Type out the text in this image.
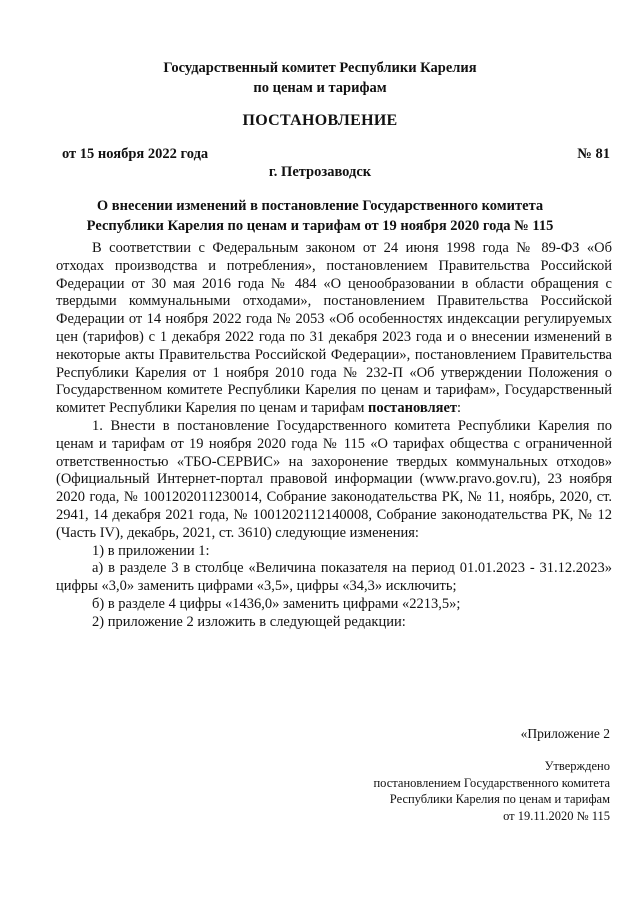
Государственный комитет Республики Карелия
по ценам и тарифам
ПОСТАНОВЛЕНИЕ
от 15 ноября 2022 года	№ 81
г. Петрозаводск
О внесении изменений в постановление Государственного комитета
Республики Карелия по ценам и тарифам от 19 ноября 2020 года № 115

В соответствии с Федеральным законом от 24 июня 1998 года № 89-ФЗ «Об отходах производства и потребления», постановлением Правительства Российской Федерации от 30 мая 2016 года № 484 «О ценообразовании в области обращения с твердыми коммунальными отходами», постановлением Правительства Российской Федерации от 14 ноября 2022 года № 2053 «Об особенностях индексации регулируемых цен (тарифов) с 1 декабря 2022 года по 31 декабря 2023 года и о внесении изменений в некоторые акты Правительства Российской Федерации», постановлением Правительства Республики Карелия от 1 ноября 2010 года № 232-П «Об утверждении Положения о Государственном комитете Республики Карелия по ценам и тарифам», Государственный комитет Республики Карелия по ценам и тарифам постановляет:

1. Внести в постановление Государственного комитета Республики Карелия по ценам и тарифам от 19 ноября 2020 года № 115 «О тарифах общества с ограниченной ответственностью «ТБО-СЕРВИС» на захоронение твердых коммунальных отходов» (Официальный Интернет-портал правовой информации (www.pravo.gov.ru), 23 ноября 2020 года, № 1001202011230014, Собрание законодательства РК, № 11, ноябрь, 2020, ст. 2941, 14 декабря 2021 года, № 1001202112140008, Собрание законодательства РК, № 12 (Часть IV), декабрь, 2021, ст. 3610) следующие изменения:

1) в приложении 1:

а) в разделе 3 в столбце «Величина показателя на период 01.01.2023 - 31.12.2023» цифры «3,0» заменить цифрами «3,5», цифры «34,3» исключить;

б) в разделе 4 цифры «1436,0» заменить цифрами «2213,5»;

2) приложение 2 изложить в следующей редакции:

«Приложение 2
Утверждено
постановлением Государственного комитета
Республики Карелия по ценам и тарифам
от 19.11.2020 № 115
